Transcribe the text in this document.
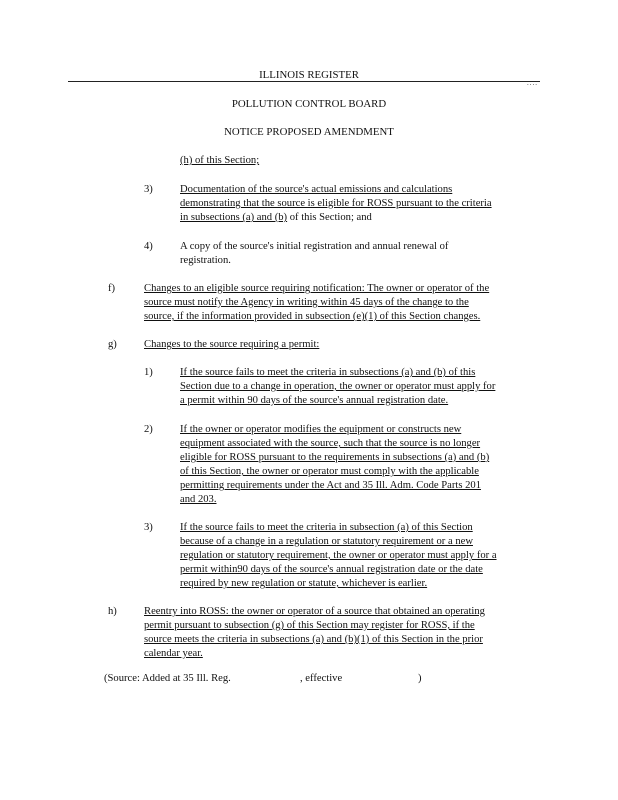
ILLINOIS REGISTER
....
POLLUTION CONTROL BOARD
NOTICE PROPOSED AMENDMENT
(h) of this Section;
3)	Documentation of the source's actual emissions and calculations
demonstrating that the source is eligible for ROSS pursuant to the criteria
in subsections (a) and (b) of this Section; and
4)	A copy of the source's initial registration and annual renewal of
registration.
f)	Changes to an eligible source requiring notification: The owner or operator of the
source must notify the Agency in writing within 45 days of the change to the
source, if the information provided in subsection (e)(1) of this Section changes.
g)	Changes to the source requiring a permit:
1)	If the source fails to meet the criteria in subsections (a) and (b) of this
Section due to a change in operation, the owner or operator must apply for
a permit within 90 days of the source's annual registration date.
2)	If the owner or operator modifies the equipment or constructs new
equipment associated with the source, such that the source is no longer
eligible for ROSS pursuant to the requirements in subsections (a) and (b)
of this Section, the owner or operator must comply with the applicable
permitting requirements under the Act and 35 Ill. Adm. Code Parts 201
and 203.
3)	If the source fails to meet the criteria in subsection (a) of this Section
because of a change in a regulation or statutory requirement or a new
regulation or statutory requirement, the owner or operator must apply for a
permit within90 days of the source's annual registration date or the date
required by new regulation or statute, whichever is earlier.
h)	Reentry into ROSS: the owner or operator of a source that obtained an operating
permit pursuant to subsection (g) of this Section may register for ROSS, if the
source meets the criteria in subsections (a) and (b)(1) of this Section in the prior
calendar year.
(Source: Added at 35 Ill. Reg.	, effective	)
